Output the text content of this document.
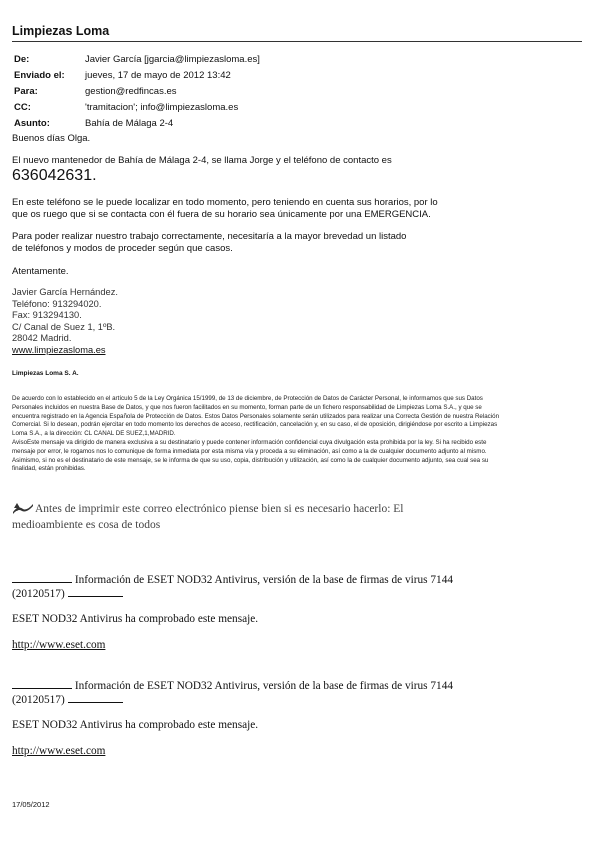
Limpiezas Loma
De:	Javier García [jgarcia@limpiezasloma.es]
Enviado el: jueves, 17 de mayo de 2012 13:42
Para:	gestion@redfincas.es
CC:	'tramitacion'; info@limpiezasloma.es
Asunto:	Bahía de Málaga 2-4
Buenos días Olga.
El nuevo mantenedor de Bahía de Málaga 2-4, se llama Jorge y el teléfono de contacto es
636042631.
En este teléfono se le puede localizar en todo momento, pero teniendo en cuenta sus horarios, por lo que os ruego que si se contacta con él fuera de su horario sea únicamente por una EMERGENCIA.
Para poder realizar nuestro trabajo correctamente, necesitaría a la mayor brevedad un listado de teléfonos y modos de proceder según que casos.
Atentamente.
Javier García Hernández.
Teléfono: 913294020.
Fax: 913294130.
C/ Canal de Suez 1, 1ºB.
28042 Madrid.
www.limpiezasloma.es
Limpiezas Loma S. A.
De acuerdo con lo establecido en el artículo 5 de la Ley Orgánica 15/1999, de 13 de diciembre, de Protección de Datos de Carácter Personal, le informamos que sus Datos Personales incluidos en nuestra Base de Datos, y que nos fueron facilitados en su momento, forman parte de un fichero responsabilidad de Limpiezas Loma S.A., y que se encuentra registrado en la Agencia Española de Protección de Datos. Estos Datos Personales solamente serán utilizados para realizar una Correcta Gestión de nuestra Relación Comercial. Si lo desean, podrán ejercitar en todo momento los derechos de acceso, rectificación, cancelación y, en su caso, el de oposición, dirigiéndose por escrito a Limpiezas Loma S.A., a la dirección: CL CANAL DE SUEZ,1,MADRID.
AvisoEste mensaje va dirigido de manera exclusiva a su destinatario y puede contener información confidencial cuya divulgación esta prohibida por la ley. Si ha recibido este mensaje por error, le rogamos nos lo comunique de forma inmediata por esta misma vía y proceda a su eliminación, así como a la de cualquier documento adjunto al mismo. Asimismo, si no es el destinatario de este mensaje, se le informa de que su uso, copia, distribución y utilización, así como la de cualquier documento adjunto, sea cual sea su finalidad, están prohibidas.
Antes de imprimir este correo electrónico piense bien si es necesario hacerlo: El medioambiente es cosa de todos
Información de ESET NOD32 Antivirus, versión de la base de firmas de virus 7144
(20120517)
ESET NOD32 Antivirus ha comprobado este mensaje.
http://www.eset.com
Información de ESET NOD32 Antivirus, versión de la base de firmas de virus 7144
(20120517)
ESET NOD32 Antivirus ha comprobado este mensaje.
http://www.eset.com
17/05/2012
